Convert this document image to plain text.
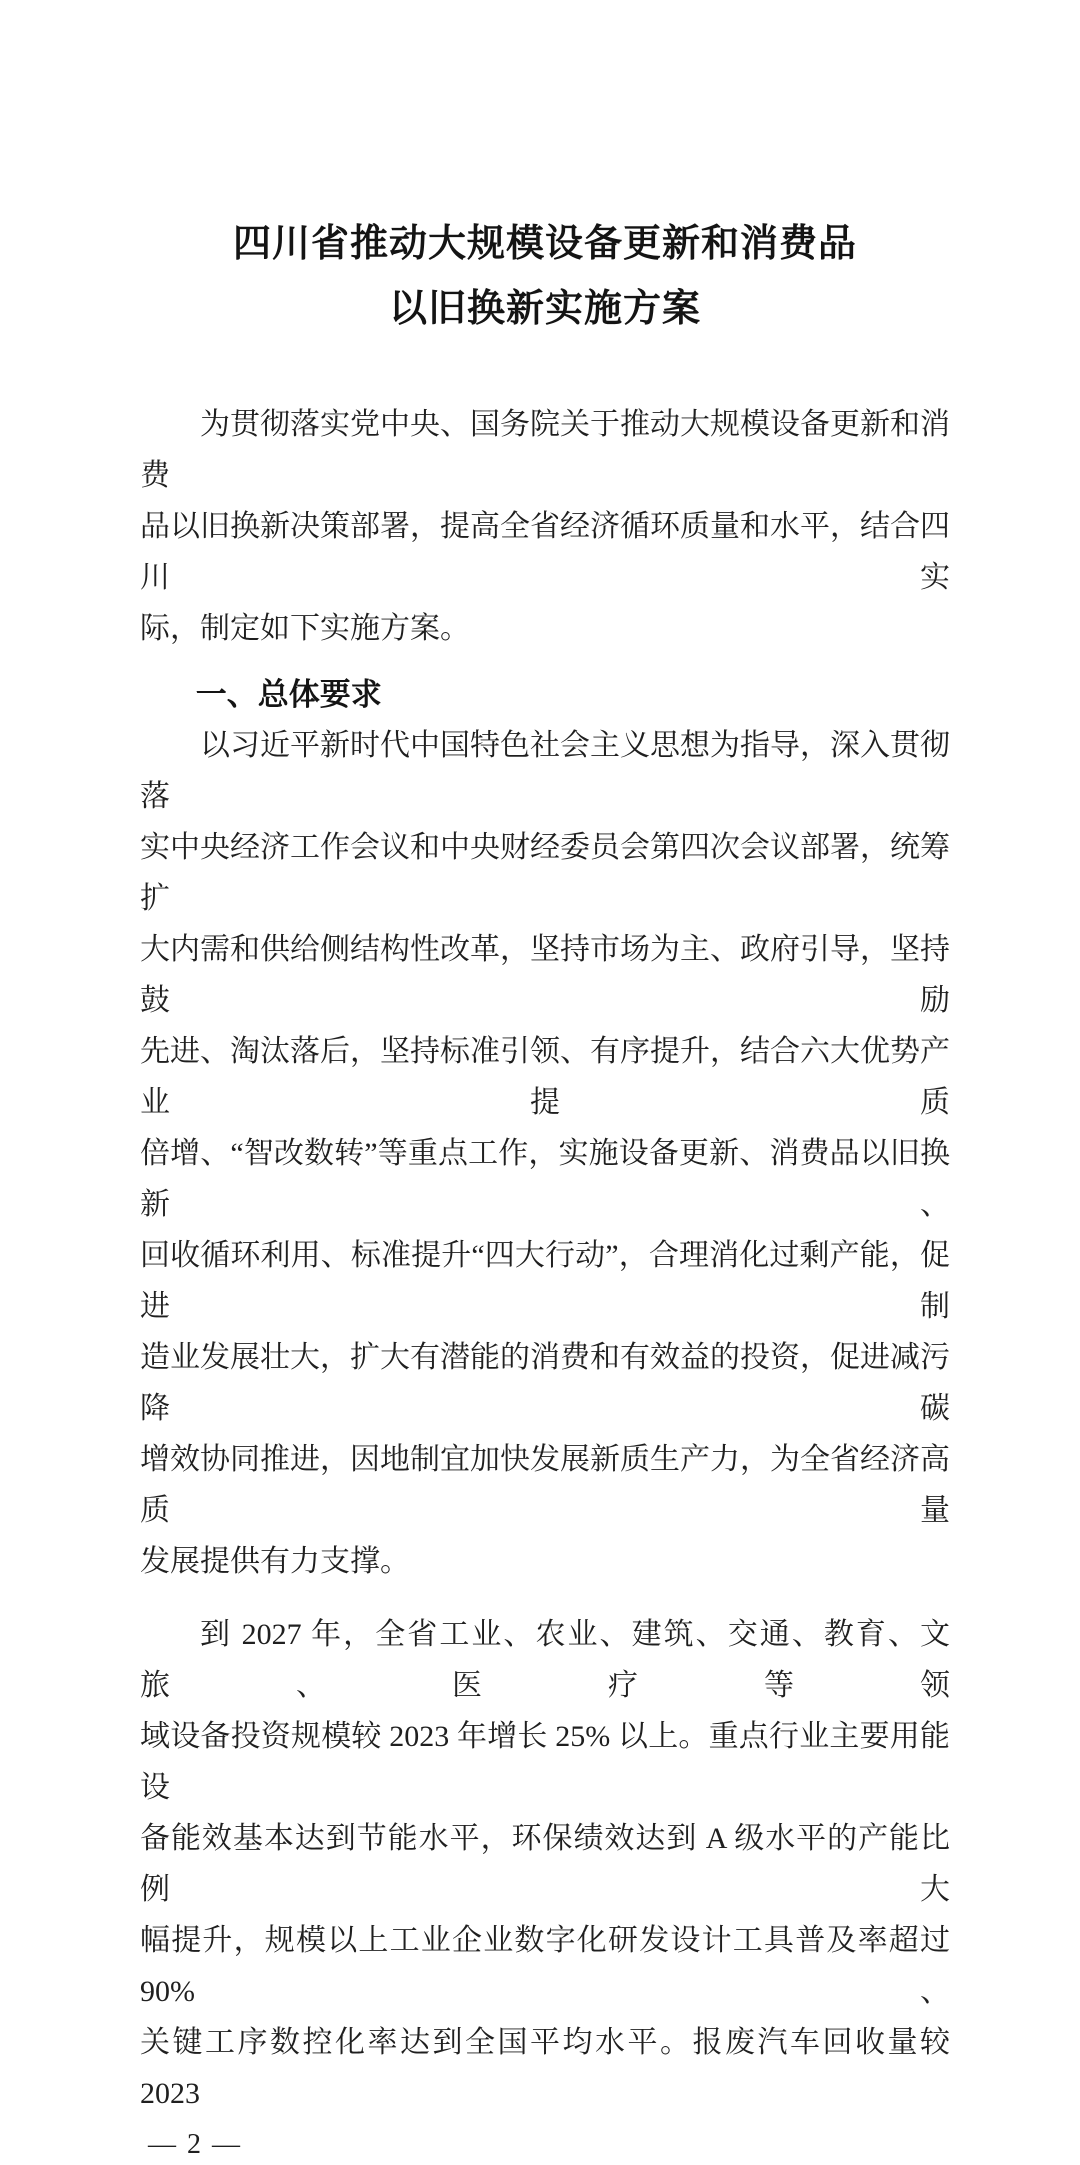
四川省推动大规模设备更新和消费品
以旧换新实施方案
为贯彻落实党中央、国务院关于推动大规模设备更新和消费
品以旧换新决策部署，提高全省经济循环质量和水平，结合四川实
际，制定如下实施方案。
一、总体要求
以习近平新时代中国特色社会主义思想为指导，深入贯彻落
实中央经济工作会议和中央财经委员会第四次会议部署，统筹扩
大内需和供给侧结构性改革，坚持市场为主、政府引导，坚持鼓励
先进、淘汰落后，坚持标准引领、有序提升，结合六大优势产业提质
倍增、“智改数转”等重点工作，实施设备更新、消费品以旧换新、
回收循环利用、标准提升“四大行动”，合理消化过剩产能，促进制
造业发展壮大，扩大有潜能的消费和有效益的投资，促进减污降碳
增效协同推进，因地制宜加快发展新质生产力，为全省经济高质量
发展提供有力支撑。
到 2027 年，全省工业、农业、建筑、交通、教育、文旅、医疗等领
域设备投资规模较 2023 年增长 25% 以上。重点行业主要用能设
备能效基本达到节能水平，环保绩效达到 A 级水平的产能比例大
幅提升，规模以上工业企业数字化研发设计工具普及率超过90%、
关键工序数控化率达到全国平均水平。报废汽车回收量较 2023
— 2 —
